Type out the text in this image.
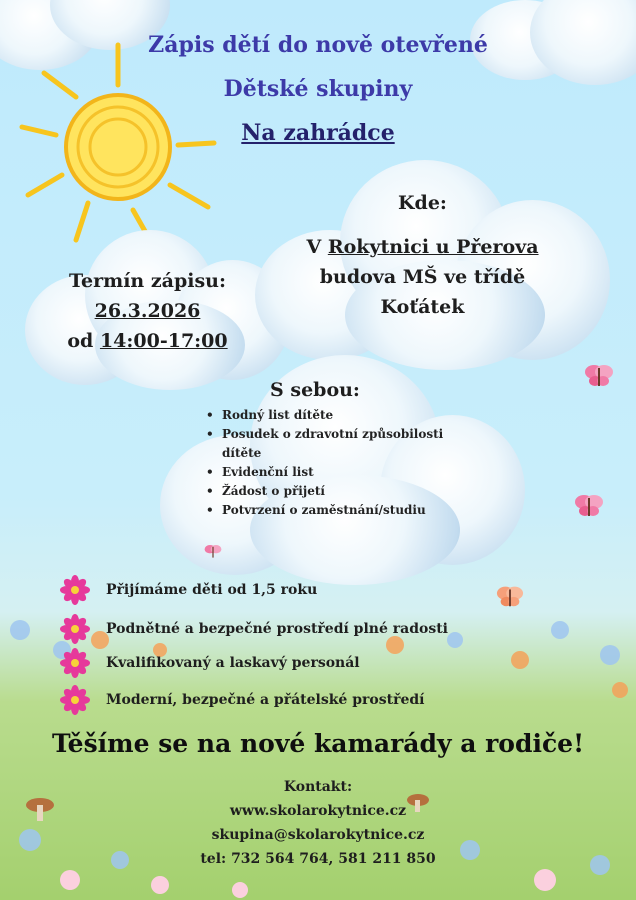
Zápis dětí do nově otevřené
Dětské skupiny
Na zahrádce
Termín zápisu:
26.3.2026
od 14:00-17:00
Kde:
V Rokytnici u Přerova
budova MŠ ve třídě
Koťátek
S sebou:
• Rodný list dítěte
• Posudek o zdravotní způsobilosti dítěte
• Evidenční list
• Žádost o přijetí
• Potvrzení o zaměstnání/studiu
Přijímáme děti od 1,5 roku
Podnětné a bezpečné prostředí plné radosti
Kvalifikovaný a laskavý personál
Moderní, bezpečné a přátelské prostředí
Těšíme se na nové kamarády a rodiče!
Kontakt:
www.skolarokytnice.cz
skupina@skolarokytnice.cz
tel: 732 564 764, 581 211 850
